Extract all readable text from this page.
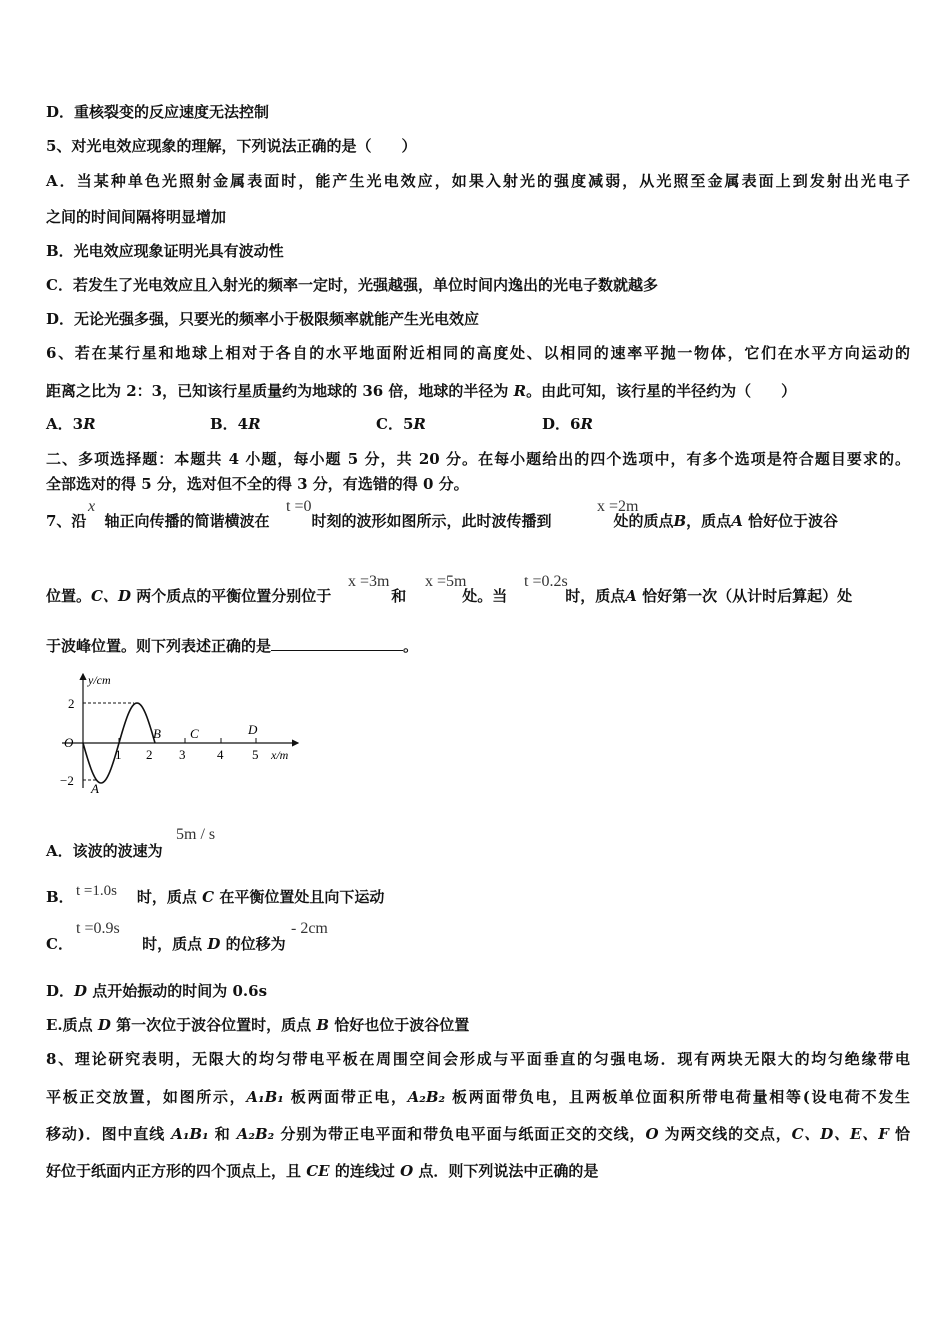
D．重核裂变的反应速度无法控制
5、对光电效应现象的理解，下列说法正确的是（　　）
A．当某种单色光照射金属表面时，能产生光电效应，如果入射光的强度减弱，从光照至金属表面上到发射出光电子
之间的时间间隔将明显增加
B．光电效应现象证明光具有波动性
C．若发生了光电效应且入射光的频率一定时，光强越强，单位时间内逸出的光电子数就越多
D．无论光强多强，只要光的频率小于极限频率就能产生光电效应
6、若在某行星和地球上相对于各自的水平地面附近相同的高度处、以相同的速率平抛一物体，它们在水平方向运动的
距离之比为 2：3，已知该行星质量约为地球的 36 倍，地球的半径为 R。由此可知，该行星的半径约为（　　）
A．3R	B．4R	C．5R	D．6R
二、多项选择题：本题共 4 小题，每小题 5 分，共 20 分。在每小题给出的四个选项中，有多个选项是符合题目要求的。
全部选对的得 5 分，选对但不全的得 3 分，有选错的得 0 分。
7、沿 轴正向传播的简谐横波在	时刻的波形如图所示，此时波传播到	处的质点B，质点A 恰好位于波谷
x	t =0	x =2m
位置。C、D 两个质点的平衡位置分别位于	和	处。当	时，质点A 恰好第一次（从计时后算起）处
x =3m x =5m	t =0.2s
于波峰位置。则下列表述正确的是	。
y/cm
x/m
O
2
−2
1 2 3 4 5
A
B C	D
A．该波的波速为
5m / s
B．	时，质点 C 在平衡位置处且向下运动
t =1.0s
C．	时，质点 D 的位移为
t =0.9s	- 2cm
D．D 点开始振动的时间为 0.6s
E.质点 D 第一次位于波谷位置时，质点 B 恰好也位于波谷位置
8、理论研究表明，无限大的均匀带电平板在周围空间会形成与平面垂直的匀强电场．现有两块无限大的均匀绝缘带电
平板正交放置，如图所示，A₁B₁ 板两面带正电，A₂B₂ 板两面带负电，且两板单位面积所带电荷量相等(设电荷不发生
移动)．图中直线 A₁B₁ 和 A₂B₂ 分别为带正电平面和带负电平面与纸面正交的交线，O 为两交线的交点，C、D、E、F 恰
好位于纸面内正方形的四个顶点上，且 CE 的连线过 O 点．则下列说法中正确的是
